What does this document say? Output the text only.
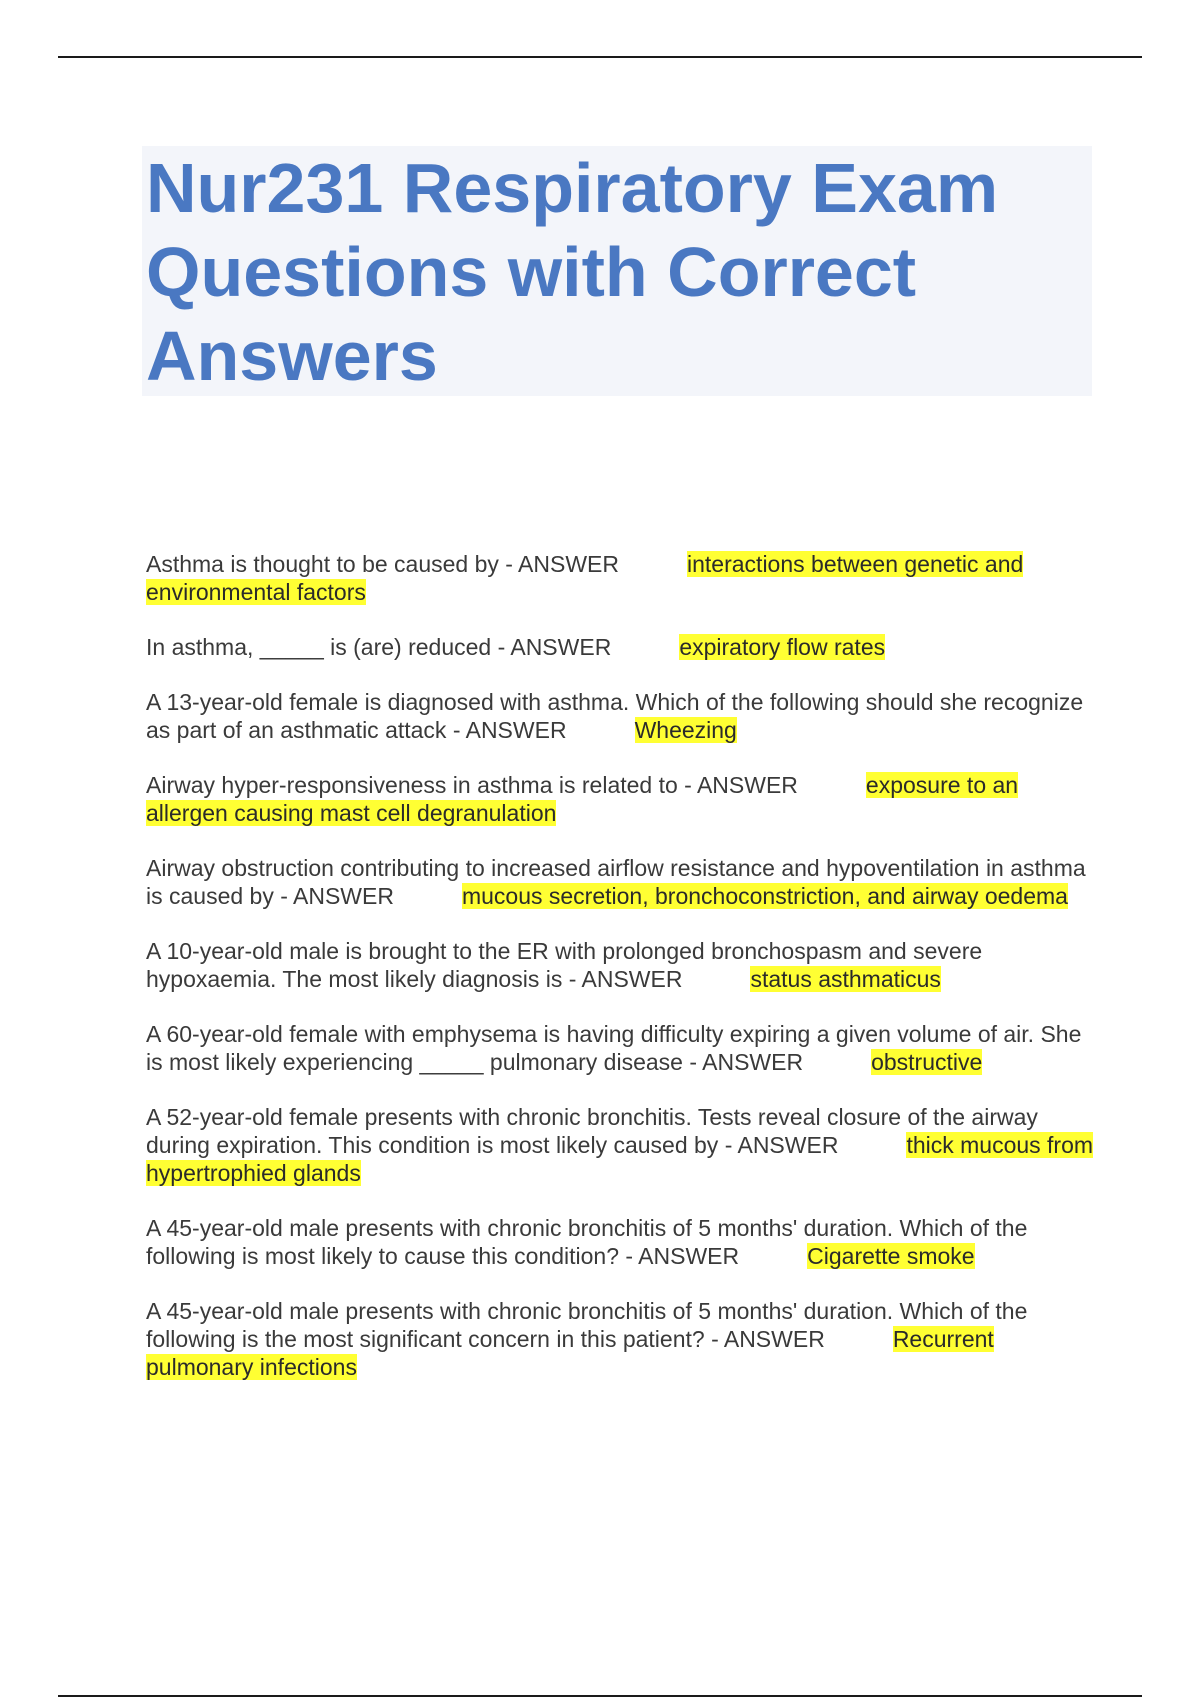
Nur231 Respiratory Exam Questions with Correct Answers

Asthma is thought to be caused by - ANSWER	interactions between genetic and environmental factors

In asthma, _____ is (are) reduced - ANSWER	expiratory flow rates

A 13-year-old female is diagnosed with asthma. Which of the following should she recognize as part of an asthmatic attack - ANSWER	Wheezing

Airway hyper-responsiveness in asthma is related to - ANSWER	exposure to an allergen causing mast cell degranulation

Airway obstruction contributing to increased airflow resistance and hypoventilation in asthma is caused by - ANSWER	mucous secretion, bronchoconstriction, and airway oedema

A 10-year-old male is brought to the ER with prolonged bronchospasm and severe hypoxaemia. The most likely diagnosis is - ANSWER	status asthmaticus

A 60-year-old female with emphysema is having difficulty expiring a given volume of air. She is most likely experiencing _____ pulmonary disease - ANSWER	obstructive

A 52-year-old female presents with chronic bronchitis. Tests reveal closure of the airway during expiration. This condition is most likely caused by - ANSWER	thick mucous from hypertrophied glands

A 45-year-old male presents with chronic bronchitis of 5 months' duration. Which of the following is most likely to cause this condition? - ANSWER	Cigarette smoke

A 45-year-old male presents with chronic bronchitis of 5 months' duration. Which of the following is the most significant concern in this patient? - ANSWER	Recurrent pulmonary infections
